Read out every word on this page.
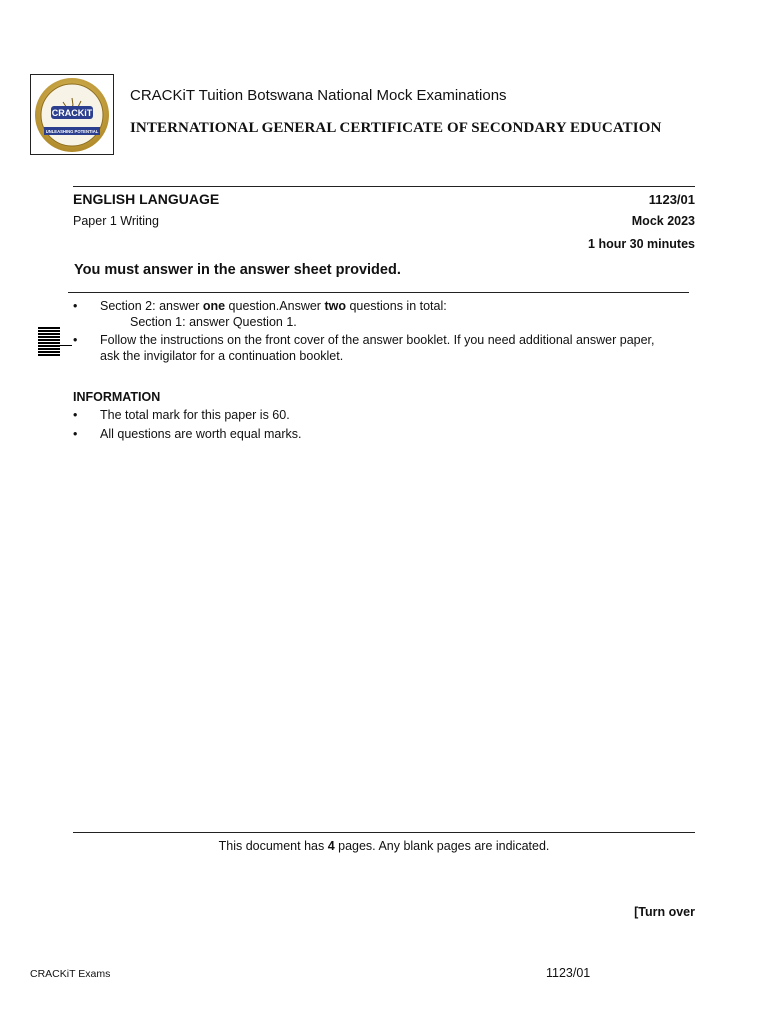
CRACKiT
UNLEASHING POTENTIAL
CRACKiT Tuition Botswana National Mock Examinations
INTERNATIONAL GENERAL CERTIFICATE OF SECONDARY EDUCATION
ENGLISH LANGUAGE	1123/01
Paper 1 Writing	Mock 2023
1 hour 30 minutes
You must answer in the answer sheet provided.
•	Section 2: answer one question.Answer two questions in total:
Section 1: answer Question 1.
•	Follow the instructions on the front cover of the answer booklet. If you need additional answer paper,
ask the invigilator for a continuation booklet.
INFORMATION
•	The total mark for this paper is 60.
•	All questions are worth equal marks.
This document has 4 pages. Any blank pages are indicated.
[Turn over
CRACKiT Exams	1123/01
